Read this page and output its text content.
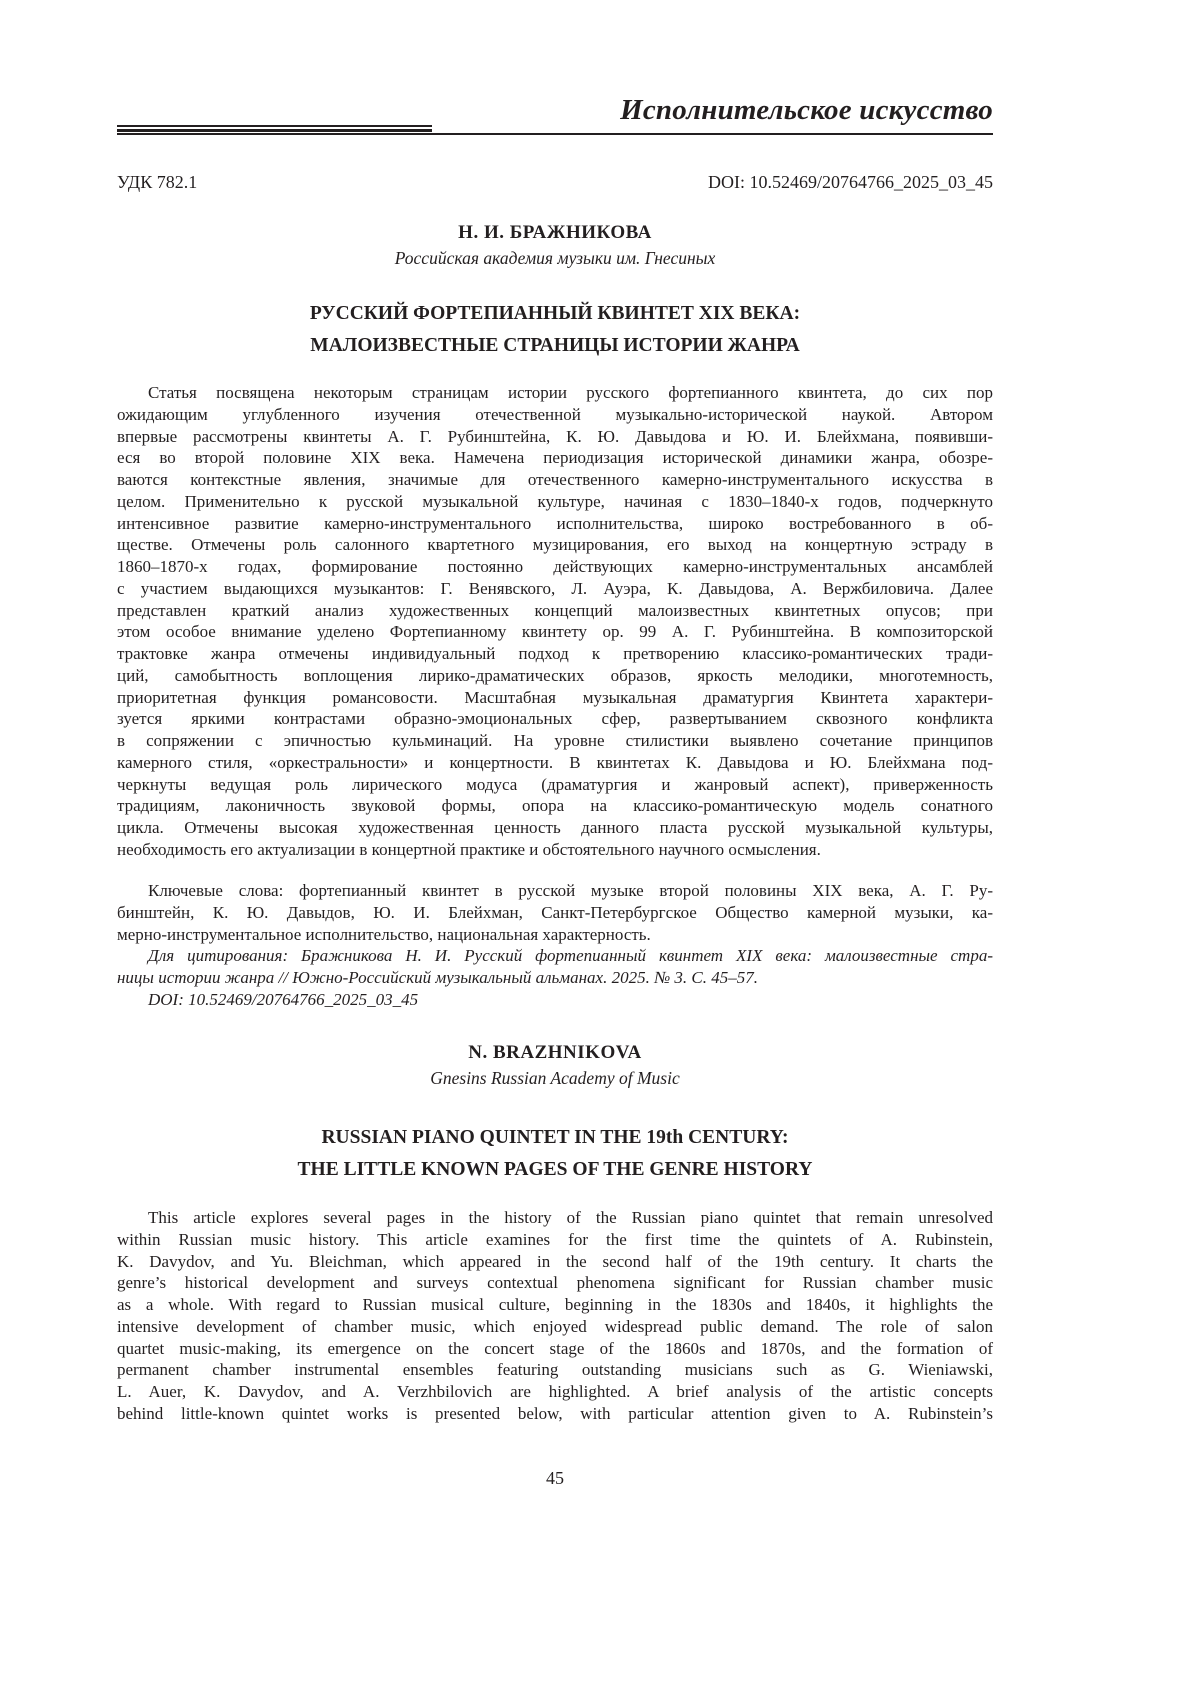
Исполнительское искусство
УДК 782.1	DOI: 10.52469/20764766_2025_03_45
Н. И. БРАЖНИКОВА
Российская академия музыки им. Гнесиных
РУССКИЙ ФОРТЕПИАННЫЙ КВИНТЕТ XIX ВЕКА:
МАЛОИЗВЕСТНЫЕ СТРАНИЦЫ ИСТОРИИ ЖАНРА
Статья посвящена некоторым страницам истории русского фортепианного квинтета, до сих пор
ожидающим углубленного изучения отечественной музыкально-исторической наукой. Автором
впервые рассмотрены квинтеты А. Г. Рубинштейна, К. Ю. Давыдова и Ю. И. Блейхмана, появивши-
еся во второй половине XIX века. Намечена периодизация исторической динамики жанра, обозре-
ваются контекстные явления, значимые для отечественного камерно-инструментального искусства в
целом. Применительно к русской музыкальной культуре, начиная с 1830–1840-х годов, подчеркнуто
интенсивное развитие камерно-инструментального исполнительства, широко востребованного в об-
ществе. Отмечены роль салонного квартетного музицирования, его выход на концертную эстраду в
1860–1870-х годах, формирование постоянно действующих камерно-инструментальных ансамблей
с участием выдающихся музыкантов: Г. Венявского, Л. Ауэра, К. Давыдова, А. Вержбиловича. Далее
представлен краткий анализ художественных концепций малоизвестных квинтетных опусов; при
этом особое внимание уделено Фортепианному квинтету ор. 99 А. Г. Рубинштейна. В композиторской
трактовке жанра отмечены индивидуальный подход к претворению классико-романтических тради-
ций, самобытность воплощения лирико-драматических образов, яркость мелодики, многотемность,
приоритетная функция романсовости. Масштабная музыкальная драматургия Квинтета характери-
зуется яркими контрастами образно-эмоциональных сфер, развертыванием сквозного конфликта
в сопряжении с эпичностью кульминаций. На уровне стилистики выявлено сочетание принципов
камерного стиля, «оркестральности» и концертности. В квинтетах К. Давыдова и Ю. Блейхмана под-
черкнуты ведущая роль лирического модуса (драматургия и жанровый аспект), приверженность
традициям, лаконичность звуковой формы, опора на классико-романтическую модель сонатного
цикла. Отмечены высокая художественная ценность данного пласта русской музыкальной культуры,
необходимость его актуализации в концертной практике и обстоятельного научного осмысления.
Ключевые слова: фортепианный квинтет в русской музыке второй половины XIX века, А. Г. Ру-
бинштейн, К. Ю. Давыдов, Ю. И. Блейхман, Санкт-Петербургское Общество камерной музыки, ка-
мерно-инструментальное исполнительство, национальная характерность.
Для цитирования: Бражникова Н. И. Русский фортепианный квинтет XIX века: малоизвестные стра-
ницы истории жанра // Южно-Российский музыкальный альманах. 2025. № 3. С. 45–57.
DOI: 10.52469/20764766_2025_03_45
N. BRAZHNIKOVA
Gnesins Russian Academy of Music
RUSSIAN PIANO QUINTET IN THE 19th CENTURY:
THE LITTLE KNOWN PAGES OF THE GENRE HISTORY
This article explores several pages in the history of the Russian piano quintet that remain unresolved
within Russian music history. This article examines for the first time the quintets of A. Rubinstein,
K. Davydov, and Yu. Bleichman, which appeared in the second half of the 19th century. It charts the
genre’s historical development and surveys contextual phenomena significant for Russian chamber music
as a whole. With regard to Russian musical culture, beginning in the 1830s and 1840s, it highlights the
intensive development of chamber music, which enjoyed widespread public demand. The role of salon
quartet music-making, its emergence on the concert stage of the 1860s and 1870s, and the formation of
permanent chamber instrumental ensembles featuring outstanding musicians such as G. Wieniawski,
L. Auer, K. Davydov, and A. Verzhbilovich are highlighted. A brief analysis of the artistic concepts
behind little-known quintet works is presented below, with particular attention given to A. Rubinstein’s
45
